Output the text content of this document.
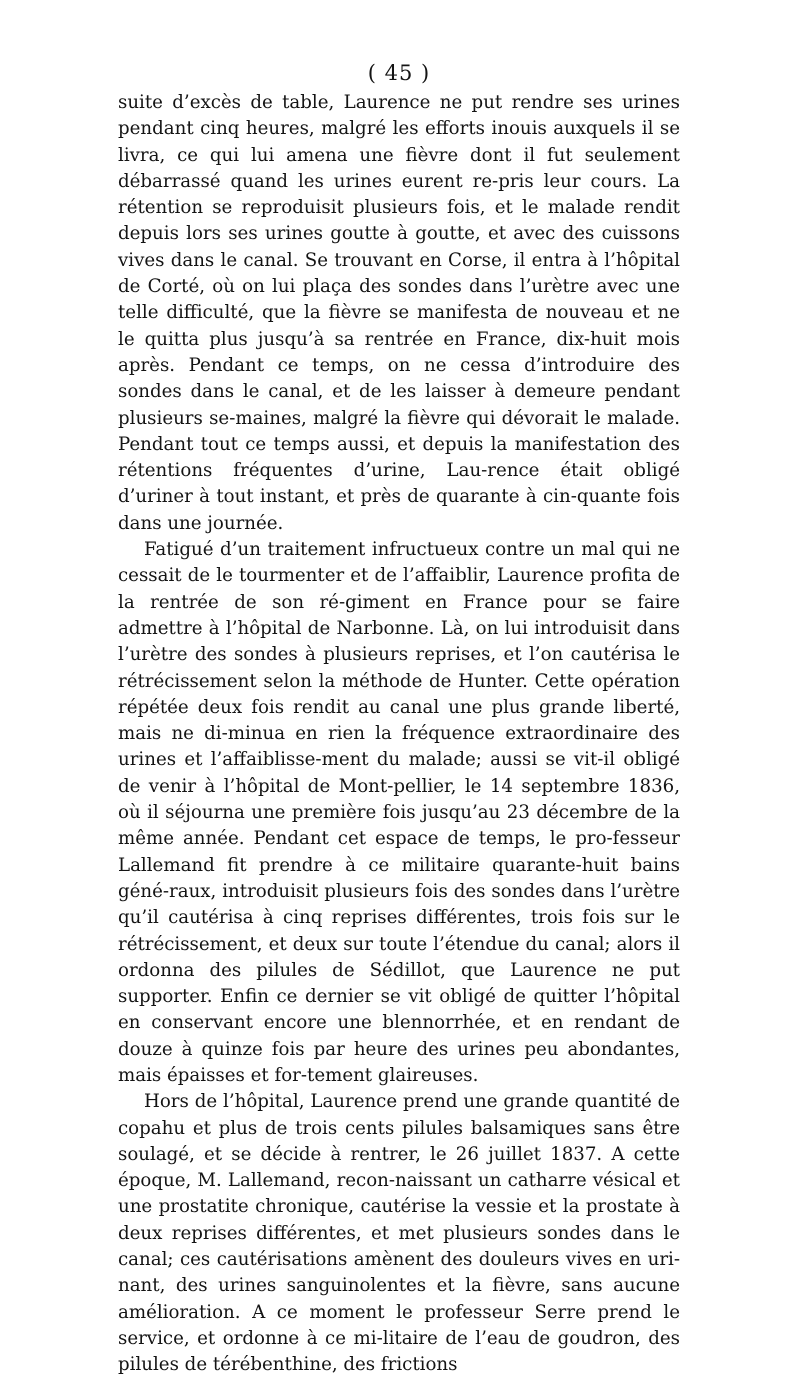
( 45 )

suite d’excès de table, Laurence ne put rendre ses urines pendant cinq heures, malgré les efforts inouis auxquels il se livra, ce qui lui amena une fièvre dont il fut seulement débarrassé quand les urines eurent re-pris leur cours. La rétention se reproduisit plusieurs fois, et le malade rendit depuis lors ses urines goutte à goutte, et avec des cuissons vives dans le canal. Se trouvant en Corse, il entra à l’hôpital de Corté, où on lui plaça des sondes dans l’urètre avec une telle difficulté, que la fièvre se manifesta de nouveau et ne le quitta plus jusqu’à sa rentrée en France, dix-huit mois après. Pendant ce temps, on ne cessa d’introduire des sondes dans le canal, et de les laisser à demeure pendant plusieurs se-maines, malgré la fièvre qui dévorait le malade. Pendant tout ce temps aussi, et depuis la manifestation des rétentions fréquentes d’urine, Lau-rence était obligé d’uriner à tout instant, et près de quarante à cin-quante fois dans une journée.

Fatigué d’un traitement infructueux contre un mal qui ne cessait de le tourmenter et de l’affaiblir, Laurence profita de la rentrée de son ré-giment en France pour se faire admettre à l’hôpital de Narbonne. Là, on lui introduisit dans l’urètre des sondes à plusieurs reprises, et l’on cautérisa le rétrécissement selon la méthode de Hunter. Cette opération répétée deux fois rendit au canal une plus grande liberté, mais ne di-minua en rien la fréquence extraordinaire des urines et l’affaiblisse-ment du malade; aussi se vit-il obligé de venir à l’hôpital de Mont-pellier, le 14 septembre 1836, où il séjourna une première fois jusqu’au 23 décembre de la même année. Pendant cet espace de temps, le pro-fesseur Lallemand fit prendre à ce militaire quarante-huit bains géné-raux, introduisit plusieurs fois des sondes dans l’urètre qu’il cautérisa à cinq reprises différentes, trois fois sur le rétrécissement, et deux sur toute l’étendue du canal; alors il ordonna des pilules de Sédillot, que Laurence ne put supporter. Enfin ce dernier se vit obligé de quitter l’hôpital en conservant encore une blennorrhée, et en rendant de douze à quinze fois par heure des urines peu abondantes, mais épaisses et for-tement glaireuses.

Hors de l’hôpital, Laurence prend une grande quantité de copahu et plus de trois cents pilules balsamiques sans être soulagé, et se décide à rentrer, le 26 juillet 1837. A cette époque, M. Lallemand, recon-naissant un catharre vésical et une prostatite chronique, cautérise la vessie et la prostate à deux reprises différentes, et met plusieurs sondes dans le canal; ces cautérisations amènent des douleurs vives en uri-nant, des urines sanguinolentes et la fièvre, sans aucune amélioration. A ce moment le professeur Serre prend le service, et ordonne à ce mi-litaire de l’eau de goudron, des pilules de térébenthine, des frictions
